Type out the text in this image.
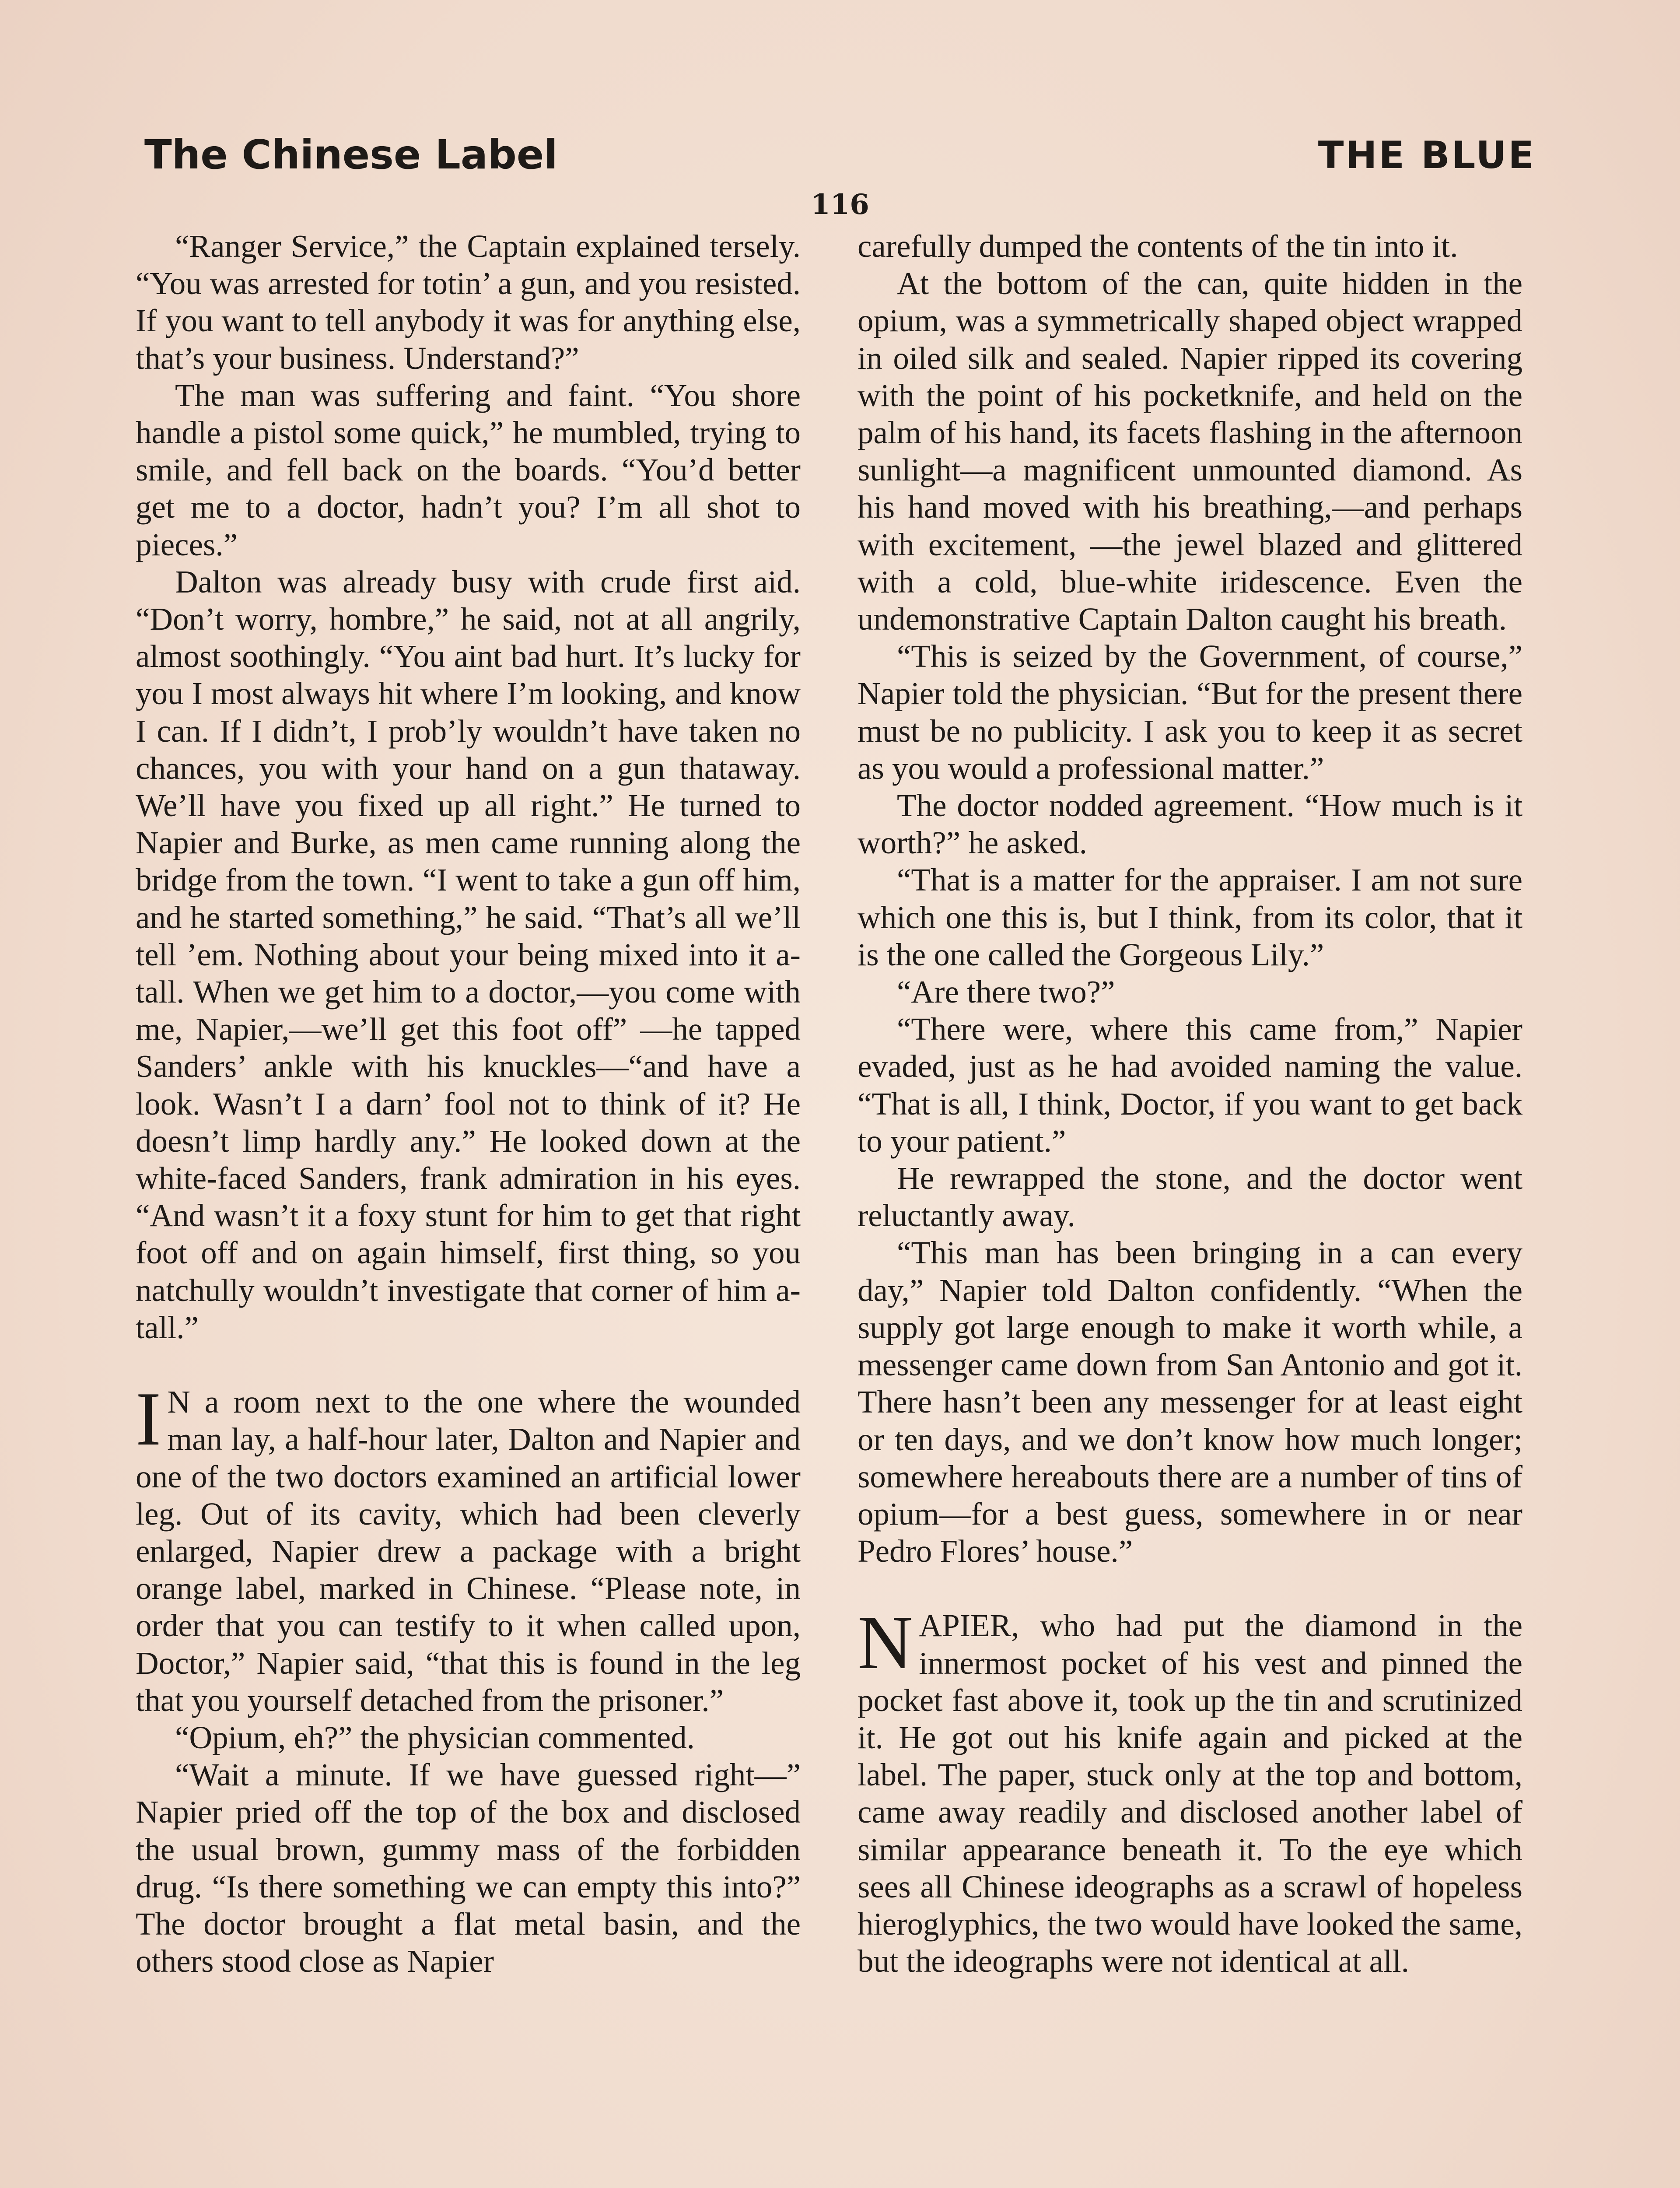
The Chinese Label	THE BLUE
116

“Ranger Service,” the Captain explained tersely. “You was arrested for totin’ a gun, and you resisted. If you want to tell anybody it was for anything else, that’s your business. Understand?”

The man was suffering and faint. “You shore handle a pistol some quick,” he mumbled, trying to smile, and fell back on the boards. “You’d better get me to a doctor, hadn’t you? I’m all shot to pieces.”

Dalton was already busy with crude first aid. “Don’t worry, hombre,” he said, not at all angrily, almost soothingly. “You aint bad hurt. It’s lucky for you I most always hit where I’m looking, and know I can. If I didn’t, I prob’ly wouldn’t have taken no chances, you with your hand on a gun thataway. We’ll have you fixed up all right.” He turned to Napier and Burke, as men came running along the bridge from the town. “I went to take a gun off him, and he started something,” he said. “That’s all we’ll tell ’em. Nothing about your being mixed into it a-tall. When we get him to a doctor,—you come with me, Napier,—we’ll get this foot off” —he tapped Sanders’ ankle with his knuckles—“and have a look. Wasn’t I a darn’ fool not to think of it? He doesn’t limp hardly any.” He looked down at the white-faced Sanders, frank admiration in his eyes. “And wasn’t it a foxy stunt for him to get that right foot off and on again himself, first thing, so you natchully wouldn’t investigate that corner of him a-tall.”

I N a room next to the one where the wounded man lay, a half-hour later, Dalton and Napier and one of the two doctors examined an artificial lower leg. Out of its cavity, which had been cleverly enlarged, Napier drew a package with a bright orange label, marked in Chinese. “Please note, in order that you can testify to it when called upon, Doctor,” Napier said, “that this is found in the leg that you yourself detached from the prisoner.”

“Opium, eh?” the physician commented.

“Wait a minute. If we have guessed right—” Napier pried off the top of the box and disclosed the usual brown, gummy mass of the forbidden drug. “Is there something we can empty this into?” The doctor brought a flat metal basin, and the others stood close as Napier

carefully dumped the contents of the tin into it.

At the bottom of the can, quite hidden in the opium, was a symmetrically shaped object wrapped in oiled silk and sealed. Napier ripped its covering with the point of his pocketknife, and held on the palm of his hand, its facets flashing in the afternoon sunlight—a magnificent unmounted diamond. As his hand moved with his breathing,—and perhaps with excitement, —the jewel blazed and glittered with a cold, blue-white iridescence. Even the undemonstrative Captain Dalton caught his breath.

“This is seized by the Government, of course,” Napier told the physician. “But for the present there must be no publicity. I ask you to keep it as secret as you would a professional matter.”

The doctor nodded agreement. “How much is it worth?” he asked.

“That is a matter for the appraiser. I am not sure which one this is, but I think, from its color, that it is the one called the Gorgeous Lily.”

“Are there two?”

“There were, where this came from,” Napier evaded, just as he had avoided naming the value. “That is all, I think, Doctor, if you want to get back to your patient.”

He rewrapped the stone, and the doctor went reluctantly away.

“This man has been bringing in a can every day,” Napier told Dalton confidently. “When the supply got large enough to make it worth while, a messenger came down from San Antonio and got it. There hasn’t been any messenger for at least eight or ten days, and we don’t know how much longer; somewhere hereabouts there are a number of tins of opium—for a best guess, somewhere in or near Pedro Flores’ house.”

NAPIER, who had put the diamond in the innermost pocket of his vest and pinned the pocket fast above it, took up the tin and scrutinized it. He got out his knife again and picked at the label. The paper, stuck only at the top and bottom, came away readily and disclosed another label of similar appearance beneath it. To the eye which sees all Chinese ideographs as a scrawl of hopeless hieroglyphics, the two would have looked the same, but the ideographs were not identical at all.
